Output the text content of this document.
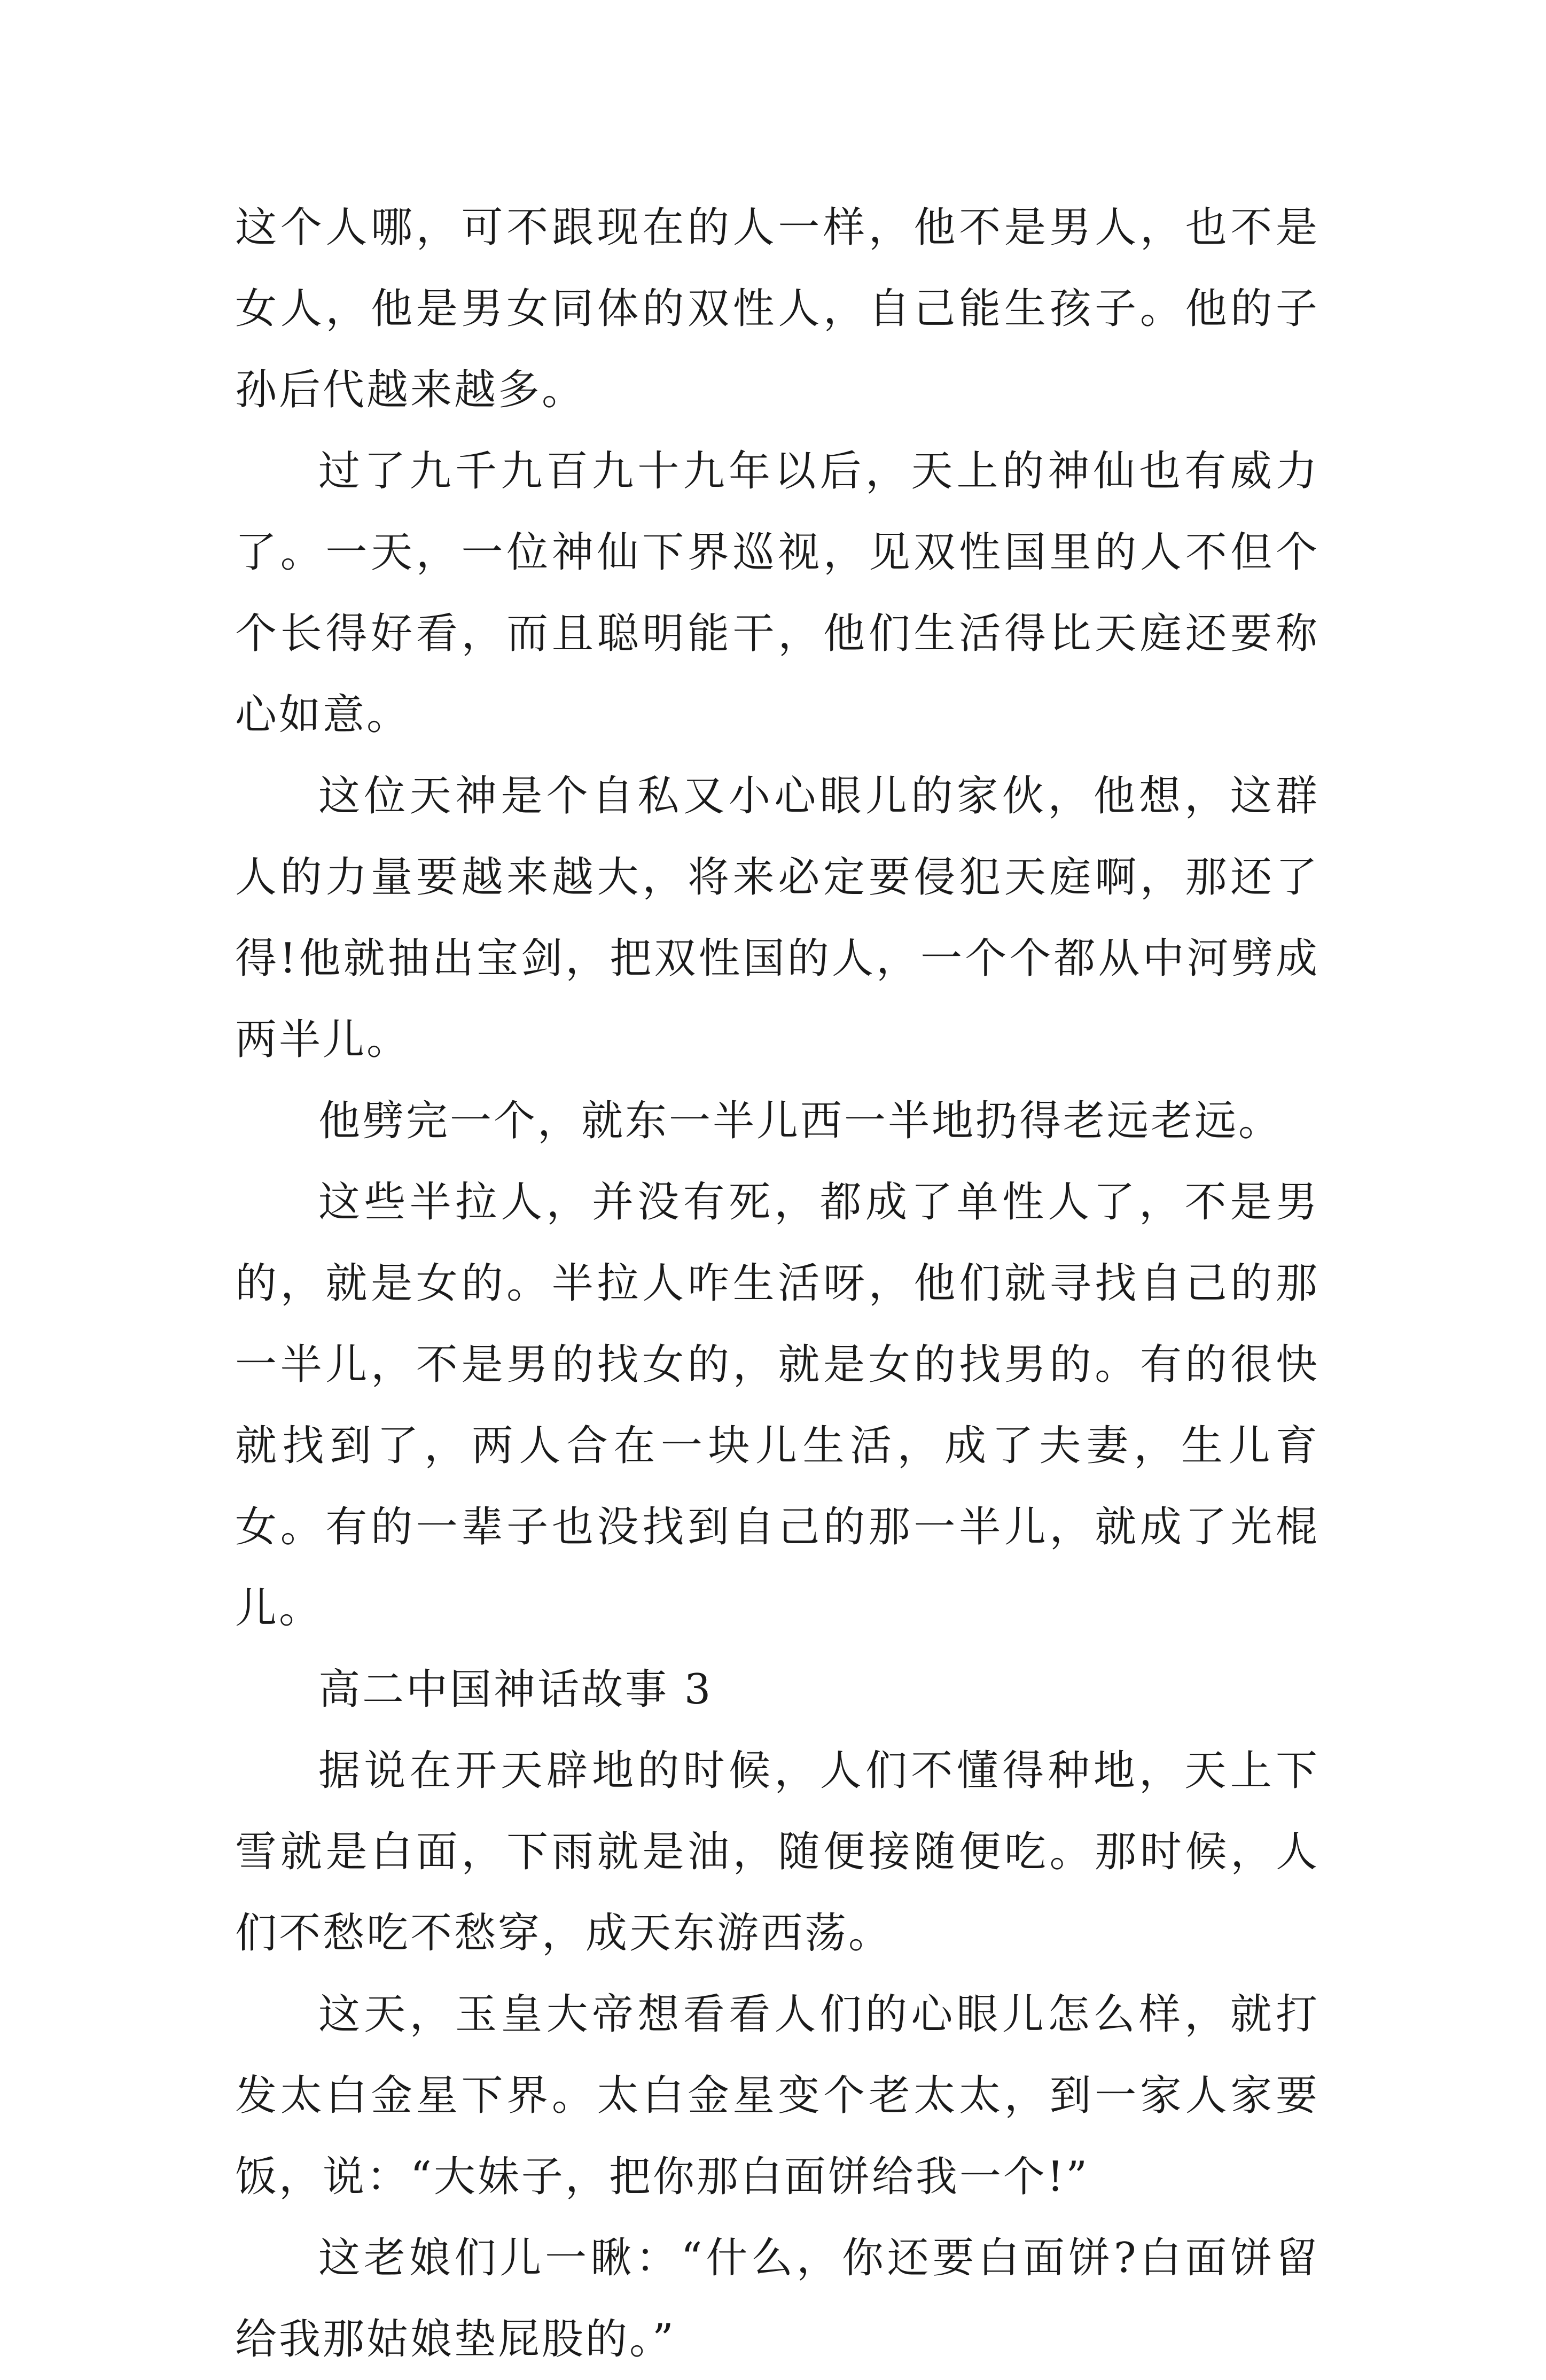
这个人哪，可不跟现在的人一样，他不是男人，也不是女人，他是男女同体的双性人，自己能生孩子。他的子孙后代越来越多。

过了九千九百九十九年以后，天上的神仙也有威力了。一天，一位神仙下界巡视，见双性国里的人不但个个长得好看，而且聪明能干，他们生活得比天庭还要称心如意。

这位天神是个自私又小心眼儿的家伙，他想，这群人的力量要越来越大，将来必定要侵犯天庭啊，那还了得!他就抽出宝剑，把双性国的人，一个个都从中河劈成两半儿。

他劈完一个，就东一半儿西一半地扔得老远老远。

这些半拉人，并没有死，都成了单性人了，不是男的，就是女的。半拉人咋生活呀，他们就寻找自己的那一半儿，不是男的找女的，就是女的找男的。有的很快就找到了，两人合在一块儿生活，成了夫妻，生儿育女。有的一辈子也没找到自己的那一半儿，就成了光棍儿。

高二中国神话故事 3

据说在开天辟地的时候，人们不懂得种地，天上下雪就是白面，下雨就是油，随便接随便吃。那时候，人们不愁吃不愁穿，成天东游西荡。

这天，玉皇大帝想看看人们的心眼儿怎么样，就打发太白金星下界。太白金星变个老太太，到一家人家要饭，说：“大妹子，把你那白面饼给我一个!”

这老娘们儿一瞅：“什么，你还要白面饼?白面饼留给我那姑娘垫屁股的。”
